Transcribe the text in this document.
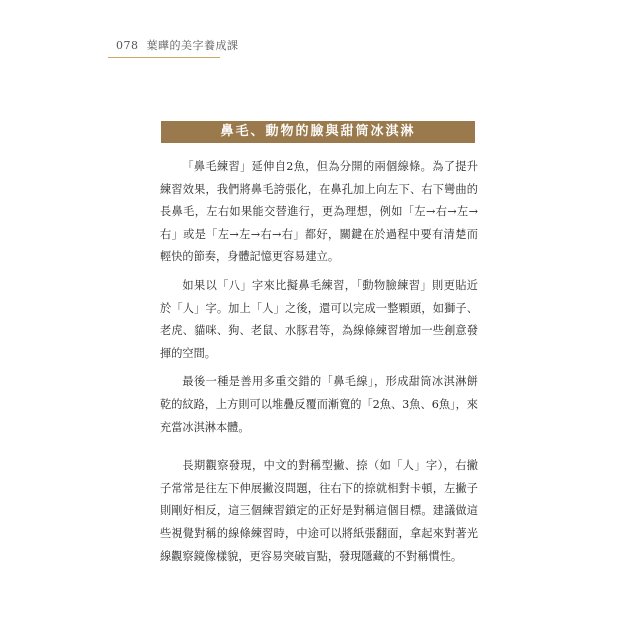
078 葉曄的美字養成課
鼻毛、動物的臉與甜筒冰淇淋

「鼻毛練習」延伸自2魚，但為分開的兩個線條。為了提升練習效果，我們將鼻毛誇張化，在鼻孔加上向左下、右下彎曲的長鼻毛，左右如果能交替進行，更為理想，例如「左→右→左→右」或是「左→左→右→右」都好，關鍵在於過程中要有清楚而輕快的節奏，身體記憶更容易建立。

如果以「八」字來比擬鼻毛練習，「動物臉練習」則更貼近於「人」字。加上「人」之後，還可以完成一整顆頭，如獅子、老虎、貓咪、狗、老鼠、水豚君等，為線條練習增加一些創意發揮的空間。

最後一種是善用多重交錯的「鼻毛線」，形成甜筒冰淇淋餅乾的紋路，上方則可以堆疊反覆而漸寬的「2魚、3魚、6魚」，來充當冰淇淋本體。

長期觀察發現，中文的對稱型撇、捺（如「人」字），右撇子常常是往左下伸展撇沒問題，往右下的捺就相對卡頓，左撇子則剛好相反，這三個練習鎖定的正好是對稱這個目標。建議做這些視覺對稱的線條練習時，中途可以將紙張翻面，拿起來對著光線觀察鏡像樣貌，更容易突破盲點，發現隱藏的不對稱慣性。
